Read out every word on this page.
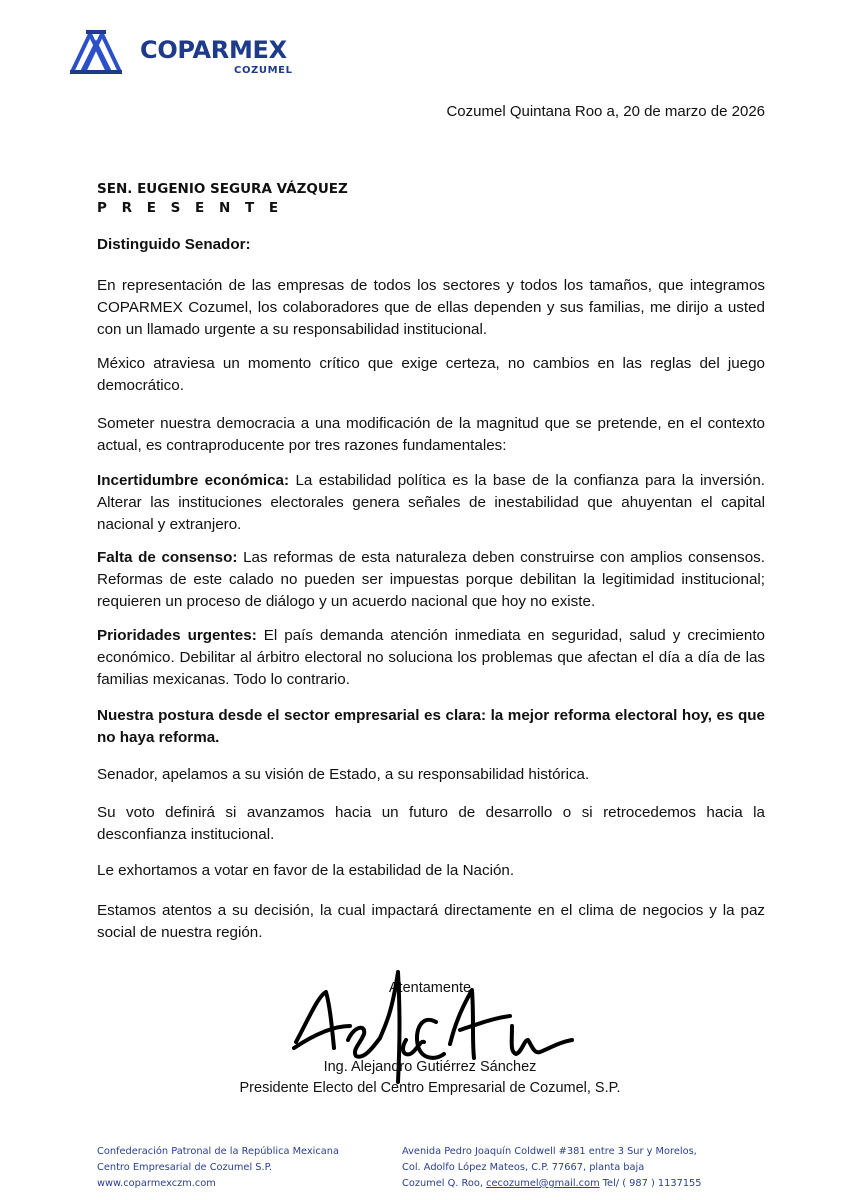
COPARMEX
COZUMEL
Cozumel Quintana Roo a, 20 de marzo de 2026
SEN. EUGENIO SEGURA VÁZQUEZ
P R E S E N T E

Distinguido Senador:

En representación de las empresas de todos los sectores y todos los tamaños, que integramos COPARMEX Cozumel, los colaboradores que de ellas dependen y sus familias, me dirijo a usted con un llamado urgente a su responsabilidad institucional.

México atraviesa un momento crítico que exige certeza, no cambios en las reglas del juego democrático.

Someter nuestra democracia a una modificación de la magnitud que se pretende, en el contexto actual, es contraproducente por tres razones fundamentales:

Incertidumbre económica: La estabilidad política es la base de la confianza para la inversión. Alterar las instituciones electorales genera señales de inestabilidad que ahuyentan el capital nacional y extranjero.

Falta de consenso: Las reformas de esta naturaleza deben construirse con amplios consensos. Reformas de este calado no pueden ser impuestas porque debilitan la legitimidad institucional; requieren un proceso de diálogo y un acuerdo nacional que hoy no existe.

Prioridades urgentes: El país demanda atención inmediata en seguridad, salud y crecimiento económico. Debilitar al árbitro electoral no soluciona los problemas que afectan el día a día de las familias mexicanas. Todo lo contrario.

Nuestra postura desde el sector empresarial es clara: la mejor reforma electoral hoy, es que no haya reforma.

Senador, apelamos a su visión de Estado, a su responsabilidad histórica.

Su voto definirá si avanzamos hacia un futuro de desarrollo o si retrocedemos hacia la desconfianza institucional.

Le exhortamos a votar en favor de la estabilidad de la Nación.

Estamos atentos a su decisión, la cual impactará directamente en el clima de negocios y la paz social de nuestra región.

Atentamente
Ing. Alejandro Gutiérrez Sánchez
Presidente Electo del Centro Empresarial de Cozumel, S.P.
Confederación Patronal de la República Mexicana
Centro Empresarial de Cozumel S.P.
www.coparmexczm.com
Avenida Pedro Joaquín Coldwell #381 entre 3 Sur y Morelos,
Col. Adolfo López Mateos, C.P. 77667, planta baja
Cozumel Q. Roo, cecozumel@gmail.com Tel/ ( 987 ) 1137155
